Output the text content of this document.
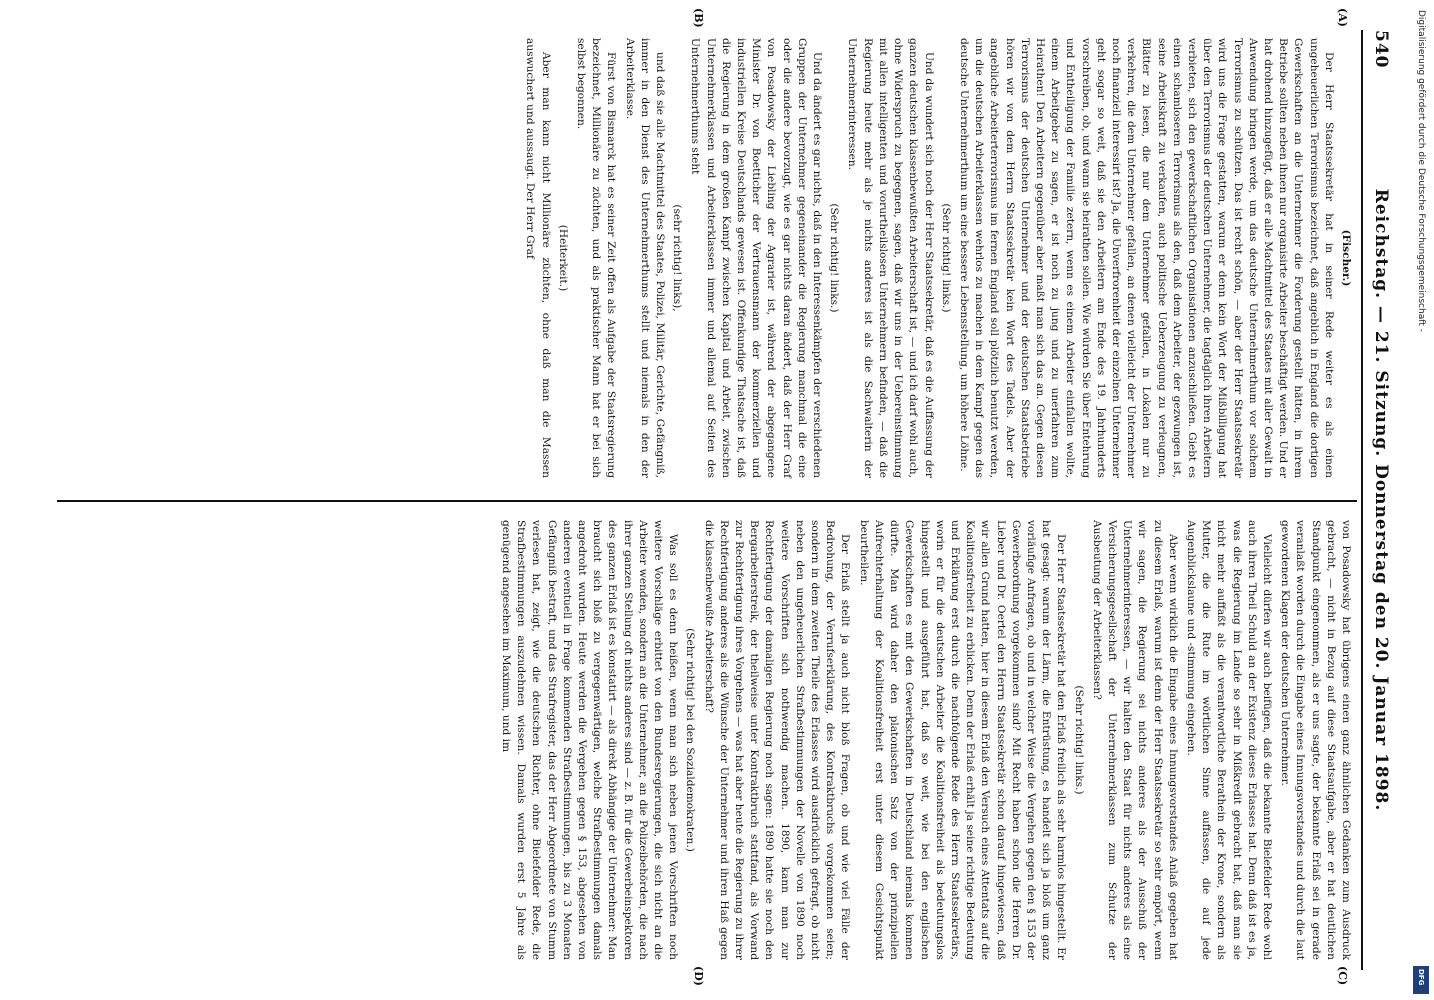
540
Reichstag. — 21. Sitzung. Donnerstag den 20. Januar 1898.
(A)
(B)
(C)
(D)

(Fischer.)

Der Herr Staatssekretär hat in seiner Rede weiter es als einen ungeheuerlichen Terrorismus bezeichnet, daß angeblich in England die dortigen Gewerkschaften an die Unternehmer die Forderung gestellt hätten, in ihrem Betriebe sollten neben ihnen nur organisirte Arbeiter beschäftigt werden. Und er hat drohend hinzugefügt, daß er alle Machtmittel des Staates mit aller Gewalt in Anwendung bringen werde, um das deutsche Unternehmerthum vor solchem Terrorismus zu schützen. Das ist recht schön, — aber der Herr Staatssekretär wird uns die Frage gestatten, warum er denn kein Wort der Mißbilligung hat über den Terrorismus der deutschen Unternehmer, die tagtäglich ihren Arbeitern verbieten, sich den gewerkschaftlichen Organisationen anzuschließen. Giebt es einen schamloseren Terrorismus als den, daß dem Arbeiter, der gezwungen ist, seine Arbeitskraft zu verkaufen, auch politische Ueberzeugung zu verleugnen, Blätter zu lesen, die nur dem Unternehmer gefallen, in Lokalen nur zu verkehren, die dem Unternehmer gefallen, an denen vielleicht der Unternehmer noch finanziell interessirt ist? Ja, die Unverfrorenheit der einzelnen Unternehmer geht sogar so weit, daß sie den Arbeitern am Ende des 19. Jahrhunderts vorschreiben, ob, und wann sie heirathen sollen. Wie würden Sie über Entehrung und Entheiligung der Familie zetern, wenn es einem Arbeiter einfallen wollte, einem Arbeitgeber zu sagen, er ist noch zu jung und zu unerfahren zum Heirathen! Den Arbeitern gegenüber aber maßt man sich das an. Gegen diesen Terrorismus der deutschen Unternehmer und der deutschen Staatsbetriebe hören wir von dem Herrn Staatssekretär kein Wort des Tadels. Aber der angebliche Arbeiterterrorismus im fernen England soll plötzlich benutzt werden, um die deutschen Arbeiterklassen wehrlos zu machen in dem Kampf gegen das deutsche Unternehmerthum um eine bessere Lebensstellung, um höhere Löhne.

(Sehr richtig! links.)

Und da wundert sich noch der Herr Staatssekretär, daß es die Auffassung der ganzen deutschen klassenbewußten Arbeiterschaft ist, — und ich darf wohl auch, ohne Widerspruch zu begegnen, sagen, daß wir uns in der Uebereinstimmung mit allen intelligenten und vorurtheilslosen Unternehmern befinden, — daß die Regierung heute mehr als je nichts anderes ist als die Sachwalterin der Unternehmerinteressen.

(Sehr richtig! links.)

Und da ändert es gar nichts, daß in den Interessenkämpfen der verschiedenen Gruppen der Unternehmer gegeneinander die Regierung manchmal die eine oder die andere bevorzugt, wie es gar nichts daran ändert, daß der Herr Graf von Posadowsky der Liebling der Agrarier ist, während der abgegangene Minister Dr. von Boetticher der Vertrauensmann der kommerziellen und industriellen Kreise Deutschlands gewesen ist. Offenkundige Thatsache ist, daß die Regierung in dem großen Kampf zwischen Kapital und Arbeit, zwischen Unternehmerklassen und Arbeiterklassen immer und allemal auf Seiten des Unternehmerthums steht

(sehr richtig! links),

und daß sie alle Machtmittel des Staates, Polizei, Militär, Gerichte, Gefängniß, immer in den Dienst des Unternehmerthums stellt und niemals in den der Arbeiterklasse.

Fürst von Bismarck hat es seiner Zeit offen als Aufgabe der Staatsregierung bezeichnet, Millionäre zu züchten, und als praktischer Mann hat er bei sich selbst begonnen.

(Heiterkeit.)

Aber man kann nicht Millionäre züchten, ohne daß man die Massen auswuchert und aussaugt. Der Herr Graf

von Posadowsky hat übrigens einen ganz ähnlichen Gedanken zum Ausdruck gebracht, — nicht in Bezug auf diese Staatsaufgabe, aber er hat deutlichen Standpunkt eingenommen, als er uns sagte, der bekannte Erlaß sei in gerade veranlaßt worden durch die Eingabe eines Innungsvorstandes und durch die laut gewordenen Klagen der deutschen Unternehmer.

Vielleicht dürfen wir auch beifügen, daß die bekannte Bielefelder Rede wohl auch ihren Theil Schuld an der Existenz dieses Erlasses hat. Denn daß ist es ja, was die Regierung im Lande so sehr in Mißkredit gebracht hat, daß man sie nicht mehr auffaßt als die verantwortliche Berathein der Krone, sondern als Mutter, die die Rute im wörtlichen Sinne auffassen, die auf jede Augenblickslaune und -stimmung eingehen.

Aber wenn wirklich die Eingabe eines Innungsvorstandes Anlaß gegeben hat zu diesem Erlaß, warum ist denn der Herr Staatssekretär so sehr empört, wenn wir sagen, die Regierung sei nichts anderes als der Ausschuß der Unternehmerinteressen, — wir halten den Staat für nichts anderes als eine Versicherungsgesellschaft der Unternehmerklassen zum Schutze der Ausbeutung der Arbeiterklassen?

(Sehr richtig! links.)

Der Herr Staatssekretär hat den Erlaß freilich als sehr harmlos hingestellt. Er hat gesagt: warum der Lärm, die Entrüstung, es handelt sich ja bloß um ganz vorläufige Anfragen, ob und in welcher Weise die Vergehen gegen den § 153 der Gewerbeordnung vorgekommen sind? Mit Recht haben schon die Herren Dr. Lieber und Dr. Oertel den Herrn Staatssekretär schon darauf hingewiesen, daß wir allen Grund hatten, hier in diesem Erlaß den Versuch eines Attentats auf die Koalitionsfreiheit zu erblicken. Denn der Erlaß erhält ja seine richtige Bedeutung und Erklärung erst durch die nachfolgende Rede des Herrn Staatssekretärs, worin er für die deutschen Arbeiter die Koalitionsfreiheit als bedeutungslos hingestellt und ausgeführt hat, daß so weit, wie bei den englischen Gewerkschaften es mit den Gewerkschaften in Deutschland niemals kommen dürfte. Man wird daher den platonischen Satz von der prinzipiellen Aufrechterhaltung der Koalitionsfreiheit erst unter diesem Gesichtspunkt beurtheilen.

Der Erlaß stellt ja auch nicht bloß Fragen, ob und wie viel Fälle der Bedrohung, der Verrufserklärung, des Kontraktbruchs vorgekommen seien; sondern in dem zweiten Theile des Erlasses wird ausdrücklich gefragt, ob nicht neben den ungeheuerlichen Strafbestimmungen der Novelle von 1890 noch weitere Vorschriften sich nothwendig machen. 1890, kann man zur Rechtfertigung der damaligen Regierung noch sagen: 1890 hatte sie noch den Bergarbeiterstreik, der theilweise unter Kontraktbruch stattfand, als Vorwand zur Rechtfertigung ihres Vorgehens — was hat aber heute die Regierung zu ihrer Rechtfertigung anderes als die Wünsche der Unternehmer und ihren Haß gegen die klassenbewußte Arbeiterschaft?

(Sehr richtig! bei den Sozialdemokraten.)

Was soll es denn heißen, wenn man sich neben jenen Vorschriften noch weitere Vorschläge erbittet von den Bundesregierungen, die sich nicht an die Arbeiter wenden, sondern an die Unternehmer, an die Polizeibehörden, die nach ihrer ganzen Stellung oft nichts anderes sind — z. B. für die Gewerbeinspektoren des ganzen Erlaß ist es konstatirt — als direkt Abhängige der Unternehmer: Man braucht sich bloß zu vergegenwärtigen, welche Strafbestimmungen damals angedroht wurden. Heute werden die Vergehen gegen § 153, abgesehen von anderen eventuell in Frage kommenden Strafbestimmungen, bis zu 3 Monaten Gefängniß bestraft, und das Strafregister, das der Herr Abgeordnete von Stumm verlesen hat, zeigt, wie die deutschen Richter, ohne Bielefelder Rede, die Strafbestimmungen auszudehnen wissen. Damals wurden erst 5 Jahre als genügend angesehen im Maximum, und im

Digitalisierung gefördert durch die Deutsche Forschungsgemeinschaft -
DFG
